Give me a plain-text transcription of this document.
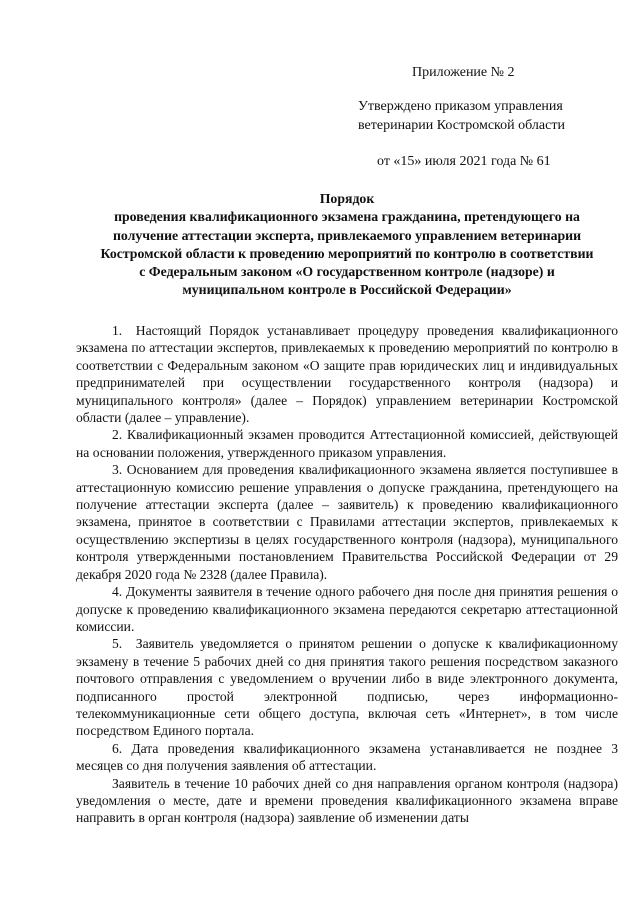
Приложение № 2
Утверждено приказом управления
ветеринарии Костромской области
от «15» июля 2021 года № 61
Порядок
проведения квалификационного экзамена гражданина, претендующего на
получение аттестации эксперта, привлекаемого управлением ветеринарии
Костромской области к проведению мероприятий по контролю в соответствии
с Федеральным законом «О государственном контроле (надзоре) и
муниципальном контроле в Российской Федерации»

1. Настоящий Порядок устанавливает процедуру проведения квалификационного экзамена по аттестации экспертов, привлекаемых к проведению мероприятий по контролю в соответствии с Федеральным законом «О защите прав юридических лиц и индивидуальных предпринимателей при осуществлении государственного контроля (надзора) и муниципального контроля» (далее – Порядок) управлением ветеринарии Костромской области (далее – управление).

2. Квалификационный экзамен проводится Аттестационной комиссией, действующей на основании положения, утвержденного приказом управления.

3. Основанием для проведения квалификационного экзамена является поступившее в аттестационную комиссию решение управления о допуске гражданина, претендующего на получение аттестации эксперта (далее – заявитель) к проведению квалификационного экзамена, принятое в соответствии с Правилами аттестации экспертов, привлекаемых к осуществлению экспертизы в целях государственного контроля (надзора), муниципального контроля утвержденными постановлением Правительства Российской Федерации от 29 декабря 2020 года № 2328 (далее Правила).

4. Документы заявителя в течение одного рабочего дня после дня принятия решения о допуске к проведению квалификационного экзамена передаются секретарю аттестационной комиссии.

5. Заявитель уведомляется о принятом решении о допуске к квалификационному экзамену в течение 5 рабочих дней со дня принятия такого решения посредством заказного почтового отправления с уведомлением о вручении либо в виде электронного документа, подписанного простой электронной подписью, через информационно-телекоммуникационные сети общего доступа, включая сеть «Интернет», в том числе посредством Единого портала.

6. Дата проведения квалификационного экзамена устанавливается не позднее 3 месяцев со дня получения заявления об аттестации.

Заявитель в течение 10 рабочих дней со дня направления органом контроля (надзора) уведомления о месте, дате и времени проведения квалификационного экзамена вправе направить в орган контроля (надзора) заявление об изменении даты
